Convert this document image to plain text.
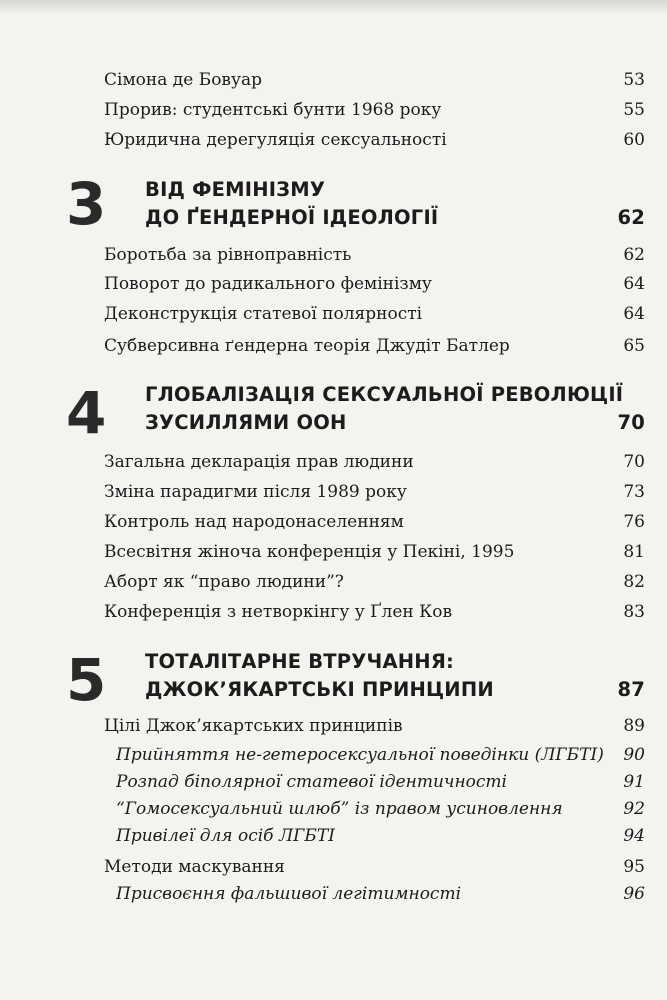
Сімона де Бовуар	53
Прорив: студентські бунти 1968 року	55
Юридична дерегуляція сексуальності	60
3 ВІД ФЕМІНІЗМУ
ДО ҐЕНДЕРНОЇ ІДЕОЛОГІЇ	62
Боротьба за рівноправність	62
Поворот до радикального фемінізму	64
Деконструкція статевої полярності	64
Субверсивна ґендерна теорія Джудіт Батлер	65
4 ГЛОБАЛІЗАЦІЯ СЕКСУАЛЬНОЇ РЕВОЛЮЦІЇ
ЗУСИЛЛЯМИ ООН	70
Загальна декларація прав людини	70
Зміна парадигми після 1989 року	73
Контроль над народонаселенням	76
Всесвітня жіноча конференція у Пекіні, 1995	81
Аборт як “право людини”?	82
Конференція з нетворкінгу у Ґлен Ков	83
5 ТОТАЛІТАРНЕ ВТРУЧАННЯ:
ДЖОК’ЯКАРТСЬКІ ПРИНЦИПИ	87
Цілі Джок’якартських принципів	89
Прийняття не-гетеросексуальної поведінки (ЛГБТІ)	90
Розпад біполярної статевої ідентичності	91
“Гомосексуальний шлюб” із правом усиновлення	92
Привілеї для осіб ЛГБТІ	94
Методи маскування	95
Присвоєння фальшивої легітимності	96
